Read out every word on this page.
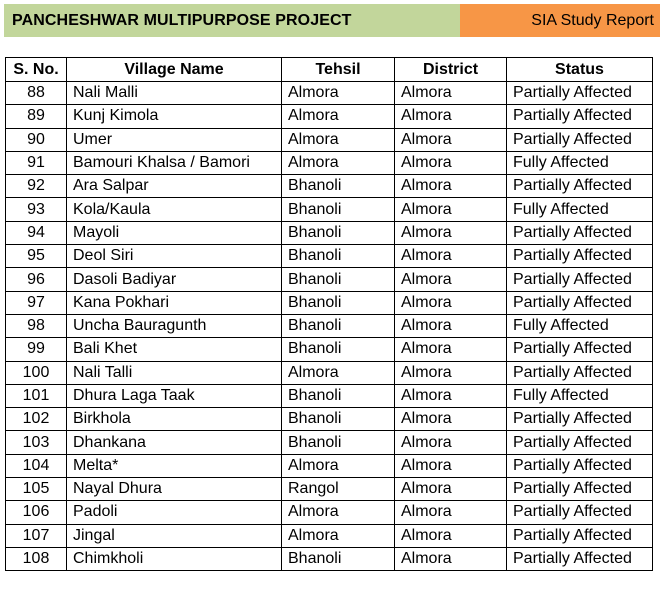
PANCHESHWAR MULTIPURPOSE PROJECT	SIA Study Report
S. No.	Village Name	Tehsil	District	Status
88	Nali Malli	Almora	Almora	Partially Affected
89	Kunj Kimola	Almora	Almora	Partially Affected
90	Umer	Almora	Almora	Partially Affected
91	Bamouri Khalsa / Bamori	Almora	Almora	Fully Affected
92	Ara Salpar	Bhanoli	Almora	Partially Affected
93	Kola/Kaula	Bhanoli	Almora	Fully Affected
94	Mayoli	Bhanoli	Almora	Partially Affected
95	Deol Siri	Bhanoli	Almora	Partially Affected
96	Dasoli Badiyar	Bhanoli	Almora	Partially Affected
97	Kana Pokhari	Bhanoli	Almora	Partially Affected
98	Uncha Bauragunth	Bhanoli	Almora	Fully Affected
99	Bali Khet	Bhanoli	Almora	Partially Affected
100	Nali Talli	Almora	Almora	Partially Affected
101	Dhura Laga Taak	Bhanoli	Almora	Fully Affected
102	Birkhola	Bhanoli	Almora	Partially Affected
103	Dhankana	Bhanoli	Almora	Partially Affected
104	Melta*	Almora	Almora	Partially Affected
105	Nayal Dhura	Rangol	Almora	Partially Affected
106	Padoli	Almora	Almora	Partially Affected
107	Jingal	Almora	Almora	Partially Affected
108	Chimkholi	Bhanoli	Almora	Partially Affected
